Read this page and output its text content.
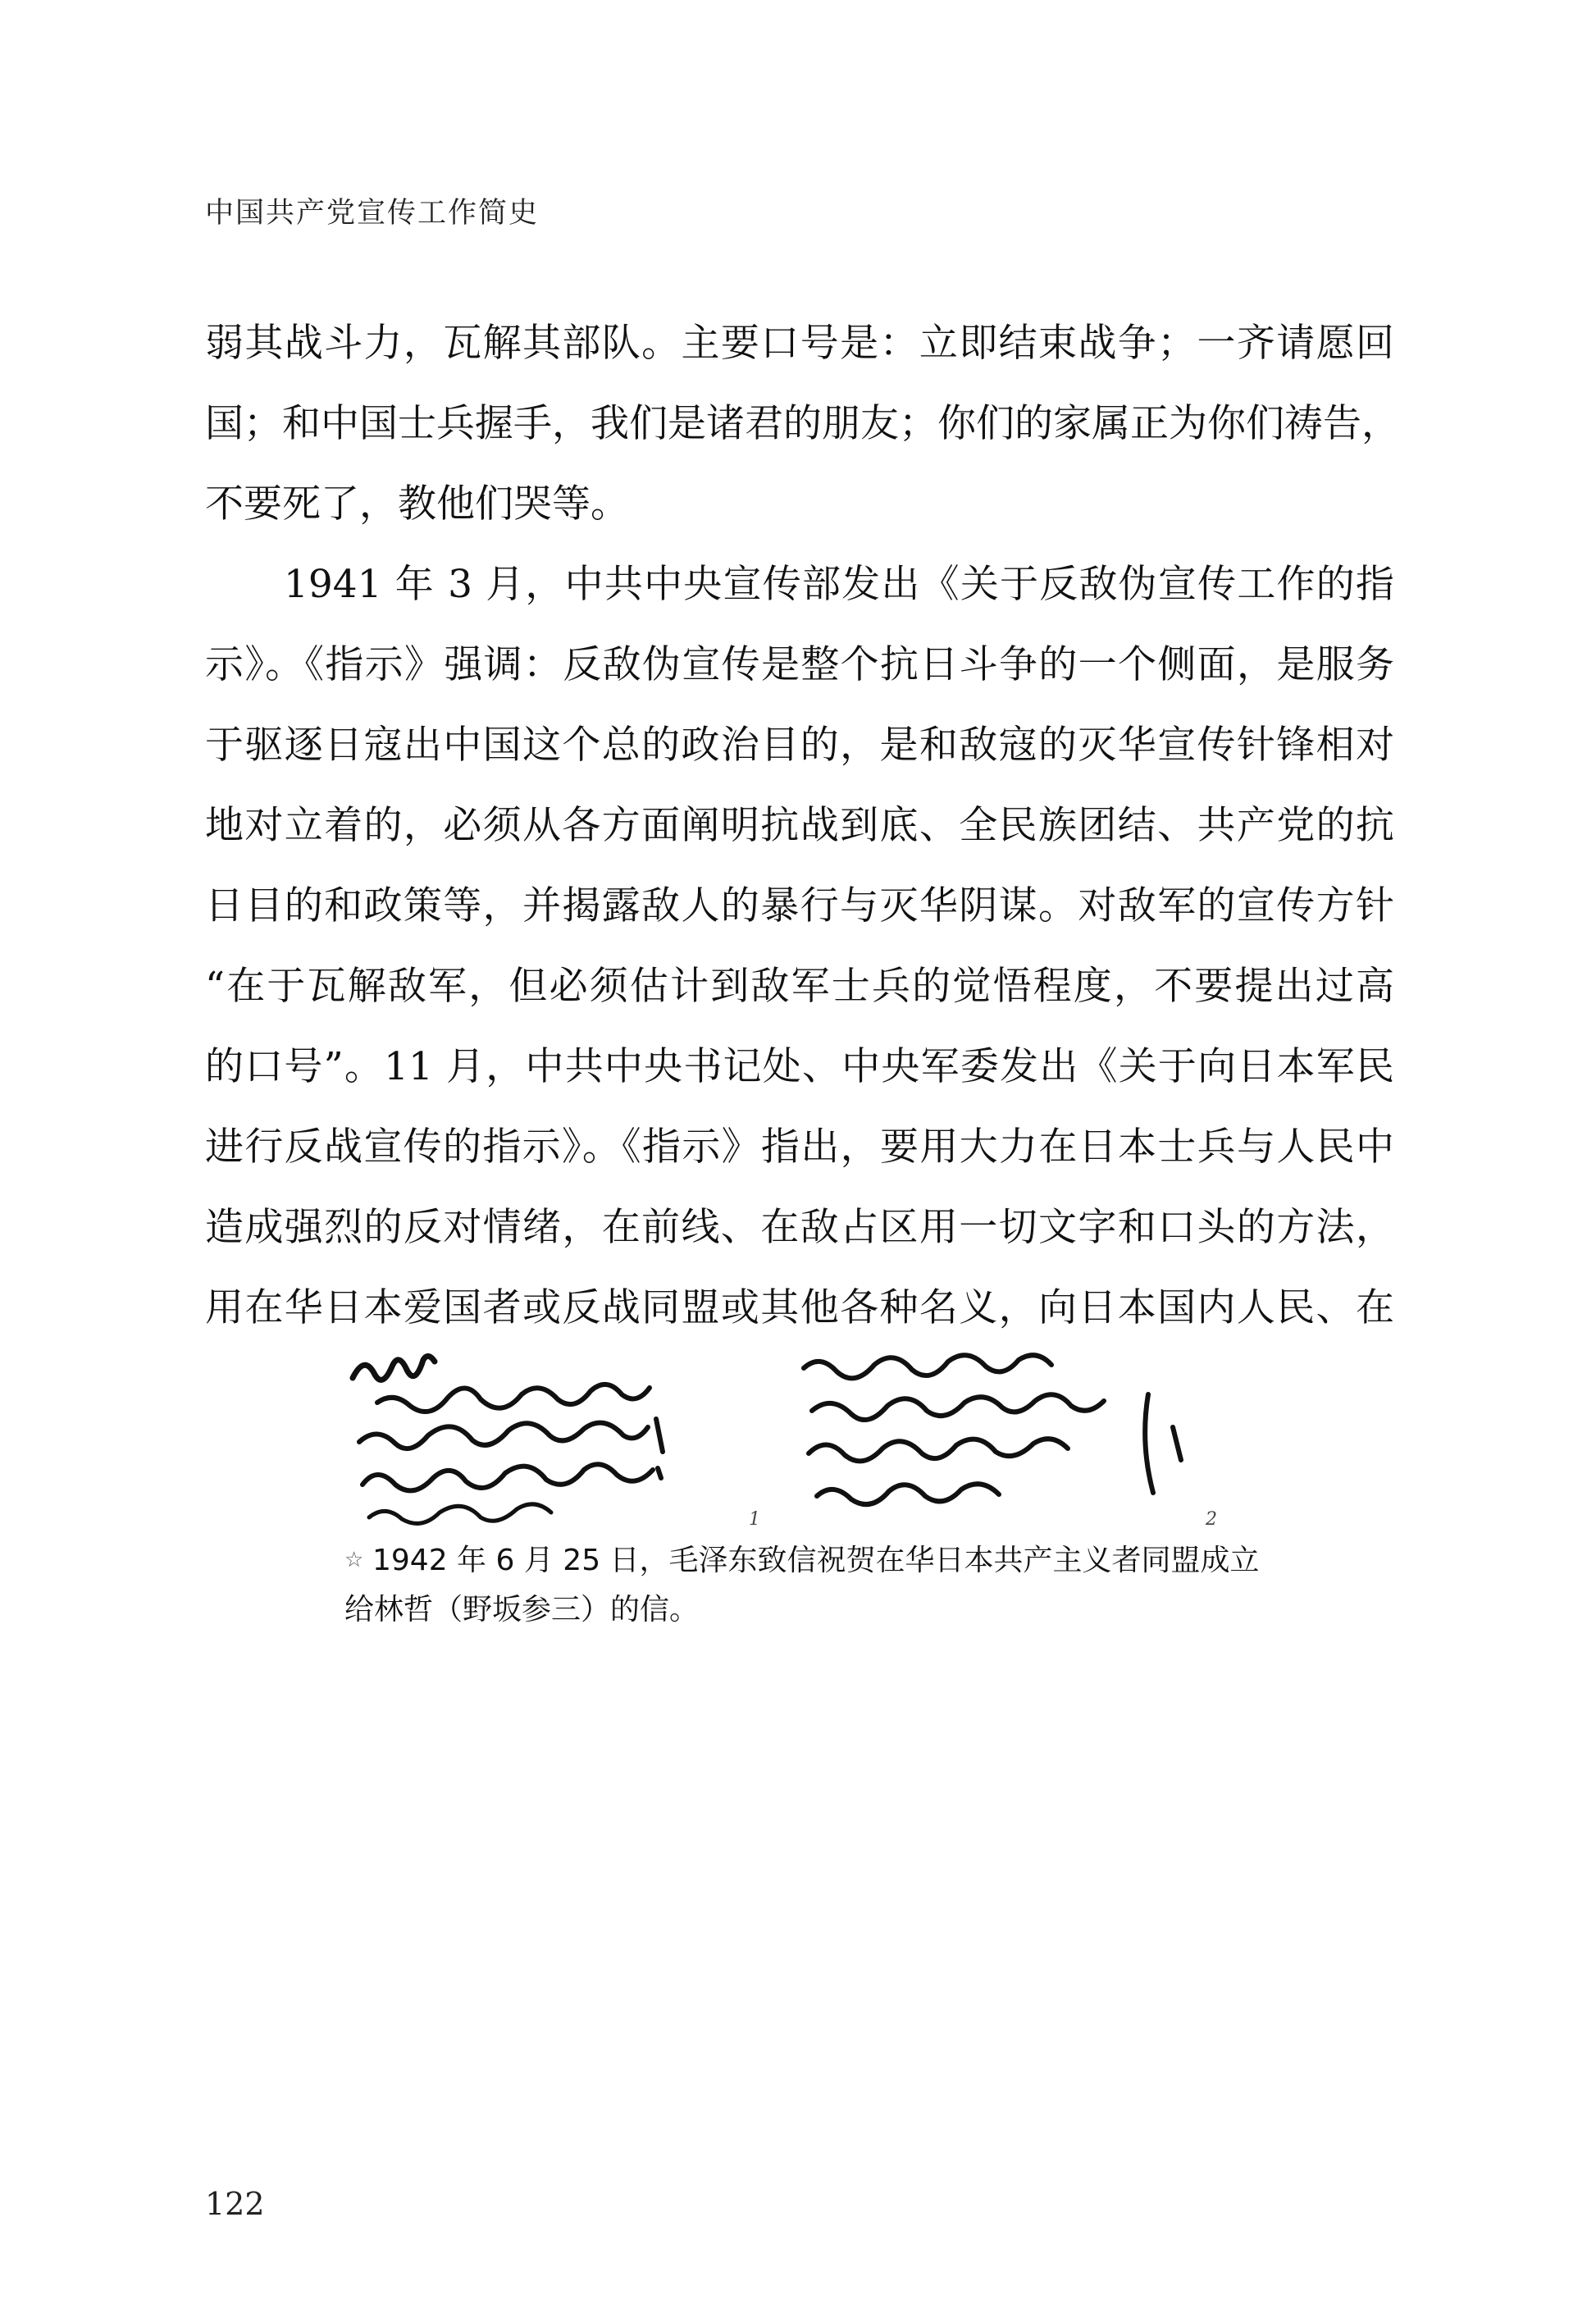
中国共产党宣传工作简史
弱其战斗力，瓦解其部队。主要口号是：立即结束战争；一齐请愿回
国；和中国士兵握手，我们是诸君的朋友；你们的家属正为你们祷告，
不要死了，教他们哭等。
1941 年 3 月，中共中央宣传部发出《关于反敌伪宣传工作的指
示》。《指示》强调：反敌伪宣传是整个抗日斗争的一个侧面，是服务
于驱逐日寇出中国这个总的政治目的，是和敌寇的灭华宣传针锋相对
地对立着的，必须从各方面阐明抗战到底、全民族团结、共产党的抗
日目的和政策等，并揭露敌人的暴行与灭华阴谋。对敌军的宣传方针
“在于瓦解敌军，但必须估计到敌军士兵的觉悟程度，不要提出过高
的口号”。11 月，中共中央书记处、中央军委发出《关于向日本军民
进行反战宣传的指示》。《指示》指出，要用大力在日本士兵与人民中
造成强烈的反对情绪，在前线、在敌占区用一切文字和口头的方法，
用在华日本爱国者或反战同盟或其他各种名义，向日本国内人民、在
1	2
☆ 1942 年 6 月 25 日，毛泽东致信祝贺在华日本共产主义者同盟成立
给林哲（野坂参三）的信。
122
